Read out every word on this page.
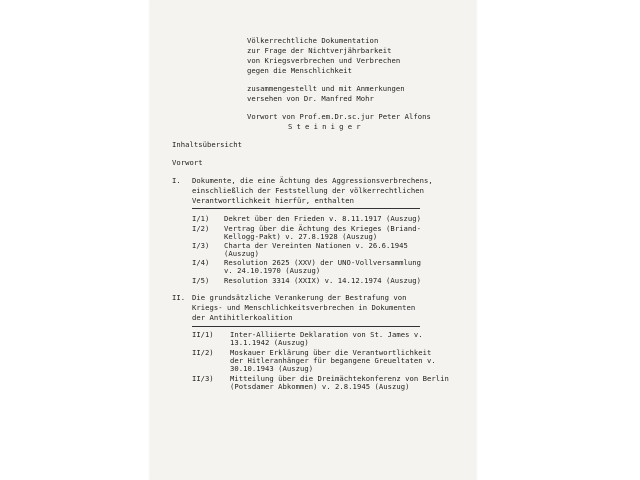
Völkerrechtliche Dokumentation
zur Frage der Nichtverjährbarkeit
von Kriegsverbrechen und Verbrechen
gegen die Menschlichkeit
zusammengestellt und mit Anmerkungen
versehen von Dr. Manfred Mohr
Vorwort von Prof.em.Dr.sc.jur Peter Alfons
Steiniger
Inhaltsübersicht
Vorwort
I. Dokumente, die eine Ächtung des Aggressionsverbrechens,
einschließlich der Feststellung der völkerrechtlichen
Verantwortlichkeit hierfür, enthalten
I/1) Dekret über den Frieden v. 8.11.1917 (Auszug)
I/2) Vertrag über die Ächtung des Krieges (Briand-
Kellogg-Pakt) v. 27.8.1928 (Auszug)
I/3) Charta der Vereinten Nationen v. 26.6.1945
(Auszug)
I/4) Resolution 2625 (XXV) der UNO-Vollversammlung
v. 24.10.1970 (Auszug)
I/5) Resolution 3314 (XXIX) v. 14.12.1974 (Auszug)
II. Die grundsätzliche Verankerung der Bestrafung von
Kriegs- und Menschlichkeitsverbrechen in Dokumenten
der Antihitlerkoalition
II/1) Inter-Alliierte Deklaration von St. James v.
13.1.1942 (Auszug)
II/2) Moskauer Erklärung über die Verantwortlichkeit
der Hitleranhänger für begangene Greueltaten v.
30.10.1943 (Auszug)
II/3) Mitteilung über die Dreimächtekonferenz von Berlin
(Potsdamer Abkommen) v. 2.8.1945 (Auszug)
